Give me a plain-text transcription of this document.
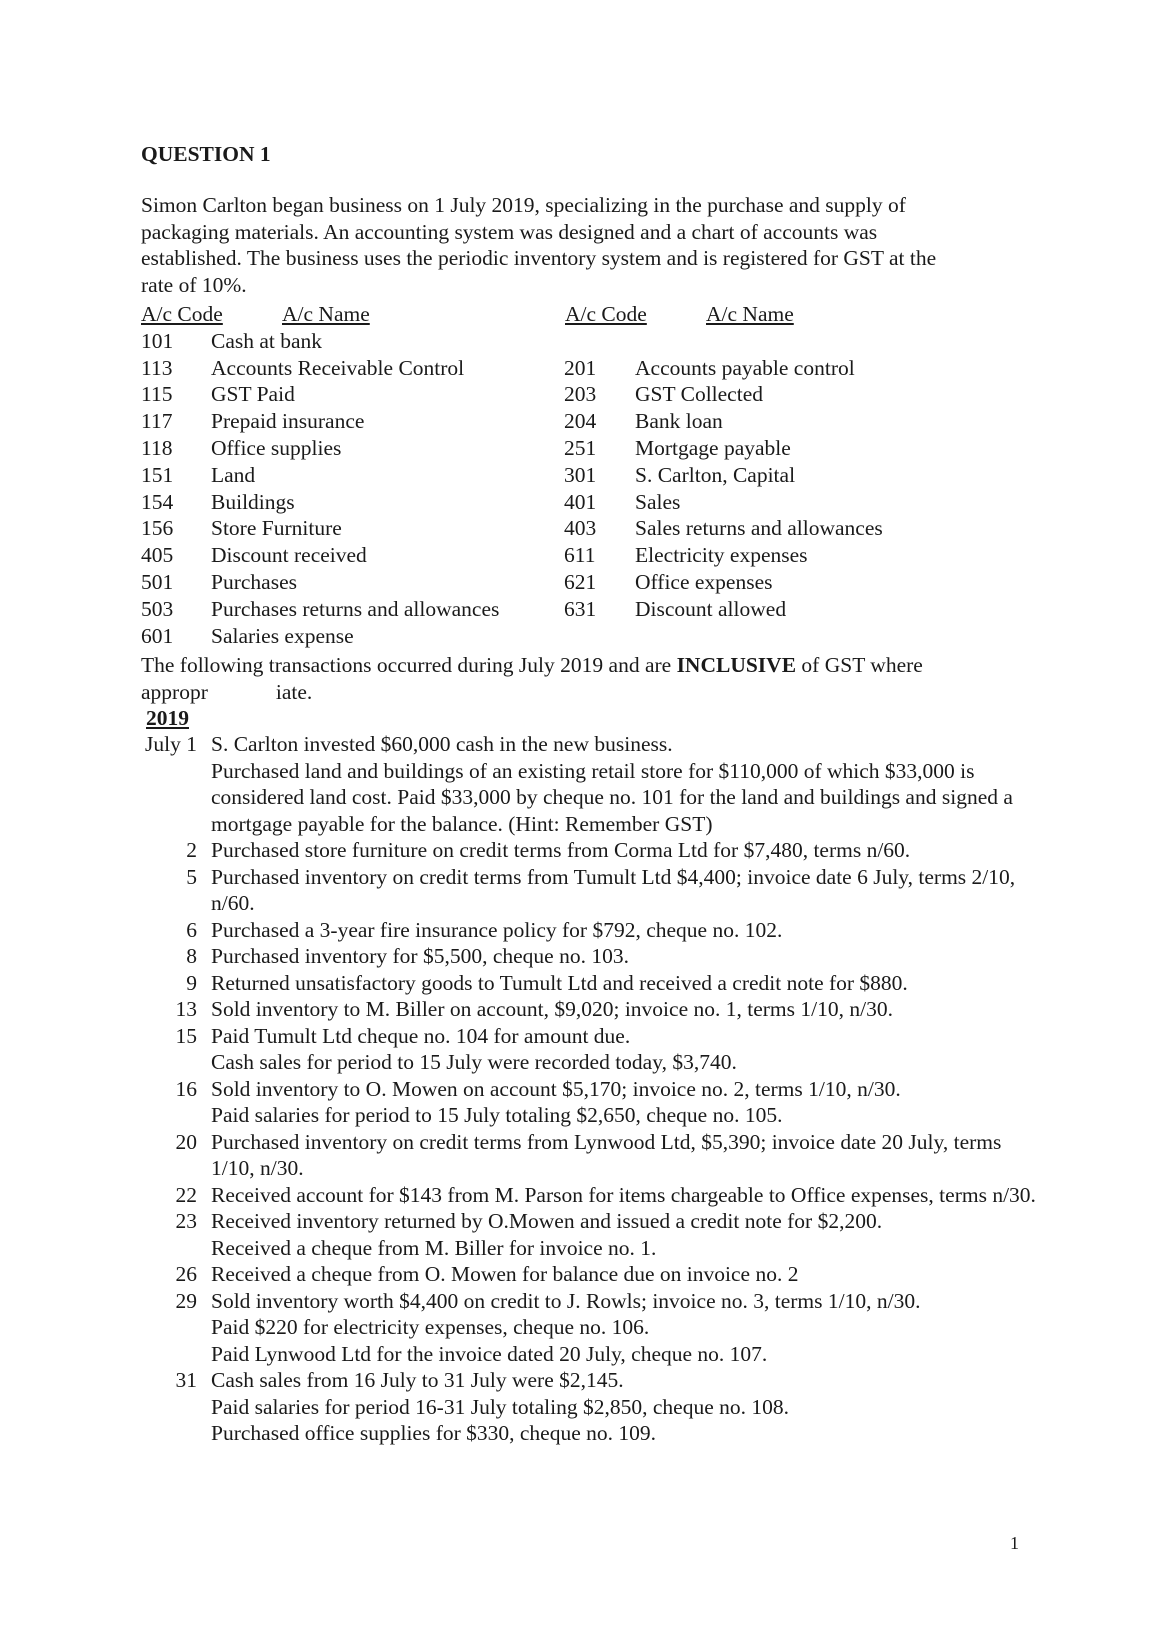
QUESTION 1

Simon Carlton began business on 1 July 2019, specializing in the purchase and supply of

packaging materials. An accounting system was designed and a chart of accounts was

established. The business uses the periodic inventory system and is registered for GST at the

rate of 10%.

A/c Code	A/c Name	A/c Code	A/c Name
101 Cash at bank
113 Accounts Receivable Control	201 Accounts payable control
115 GST Paid	203 GST Collected
117 Prepaid insurance	204 Bank loan
118 Office supplies	251 Mortgage payable
151 Land	301 S. Carlton, Capital
154 Buildings	401 Sales
156 Store Furniture	403 Sales returns and allowances
405 Discount received	611 Electricity expenses
501 Purchases	621 Office expenses
503 Purchases returns and allowances	631 Discount allowed
601 Salaries expense

The following transactions occurred during July 2019 and are INCLUSIVE of GST where

appropr	iate.

2019

July 1 S. Carlton invested $60,000 cash in the new business.

Purchased land and buildings of an existing retail store for $110,000 of which $33,000 is considered land cost. Paid $33,000 by cheque no. 101 for the land and buildings and signed a mortgage payable for the balance. (Hint: Remember GST)

2 Purchased store furniture on credit terms from Corma Ltd for $7,480, terms n/60.

5 Purchased inventory on credit terms from Tumult Ltd $4,400; invoice date 6 July, terms 2/10, n/60.

6 Purchased a 3-year fire insurance policy for $792, cheque no. 102.

8 Purchased inventory for $5,500, cheque no. 103.

9 Returned unsatisfactory goods to Tumult Ltd and received a credit note for $880.

13 Sold inventory to M. Biller on account, $9,020; invoice no. 1, terms 1/10, n/30.

15 Paid Tumult Ltd cheque no. 104 for amount due.

Cash sales for period to 15 July were recorded today, $3,740.

16 Sold inventory to O. Mowen on account $5,170; invoice no. 2, terms 1/10, n/30.

Paid salaries for period to 15 July totaling $2,650, cheque no. 105.

20 Purchased inventory on credit terms from Lynwood Ltd, $5,390; invoice date 20 July, terms 1/10, n/30.

22 Received account for $143 from M. Parson for items chargeable to Office expenses, terms n/30.

23 Received inventory returned by O.Mowen and issued a credit note for $2,200.

Received a cheque from M. Biller for invoice no. 1.

26 Received a cheque from O. Mowen for balance due on invoice no. 2

29 Sold inventory worth $4,400 on credit to J. Rowls; invoice no. 3, terms 1/10, n/30.

Paid $220 for electricity expenses, cheque no. 106.

Paid Lynwood Ltd for the invoice dated 20 July, cheque no. 107.

31 Cash sales from 16 July to 31 July were $2,145.

Paid salaries for period 16-31 July totaling $2,850, cheque no. 108.

Purchased office supplies for $330, cheque no. 109.

1
